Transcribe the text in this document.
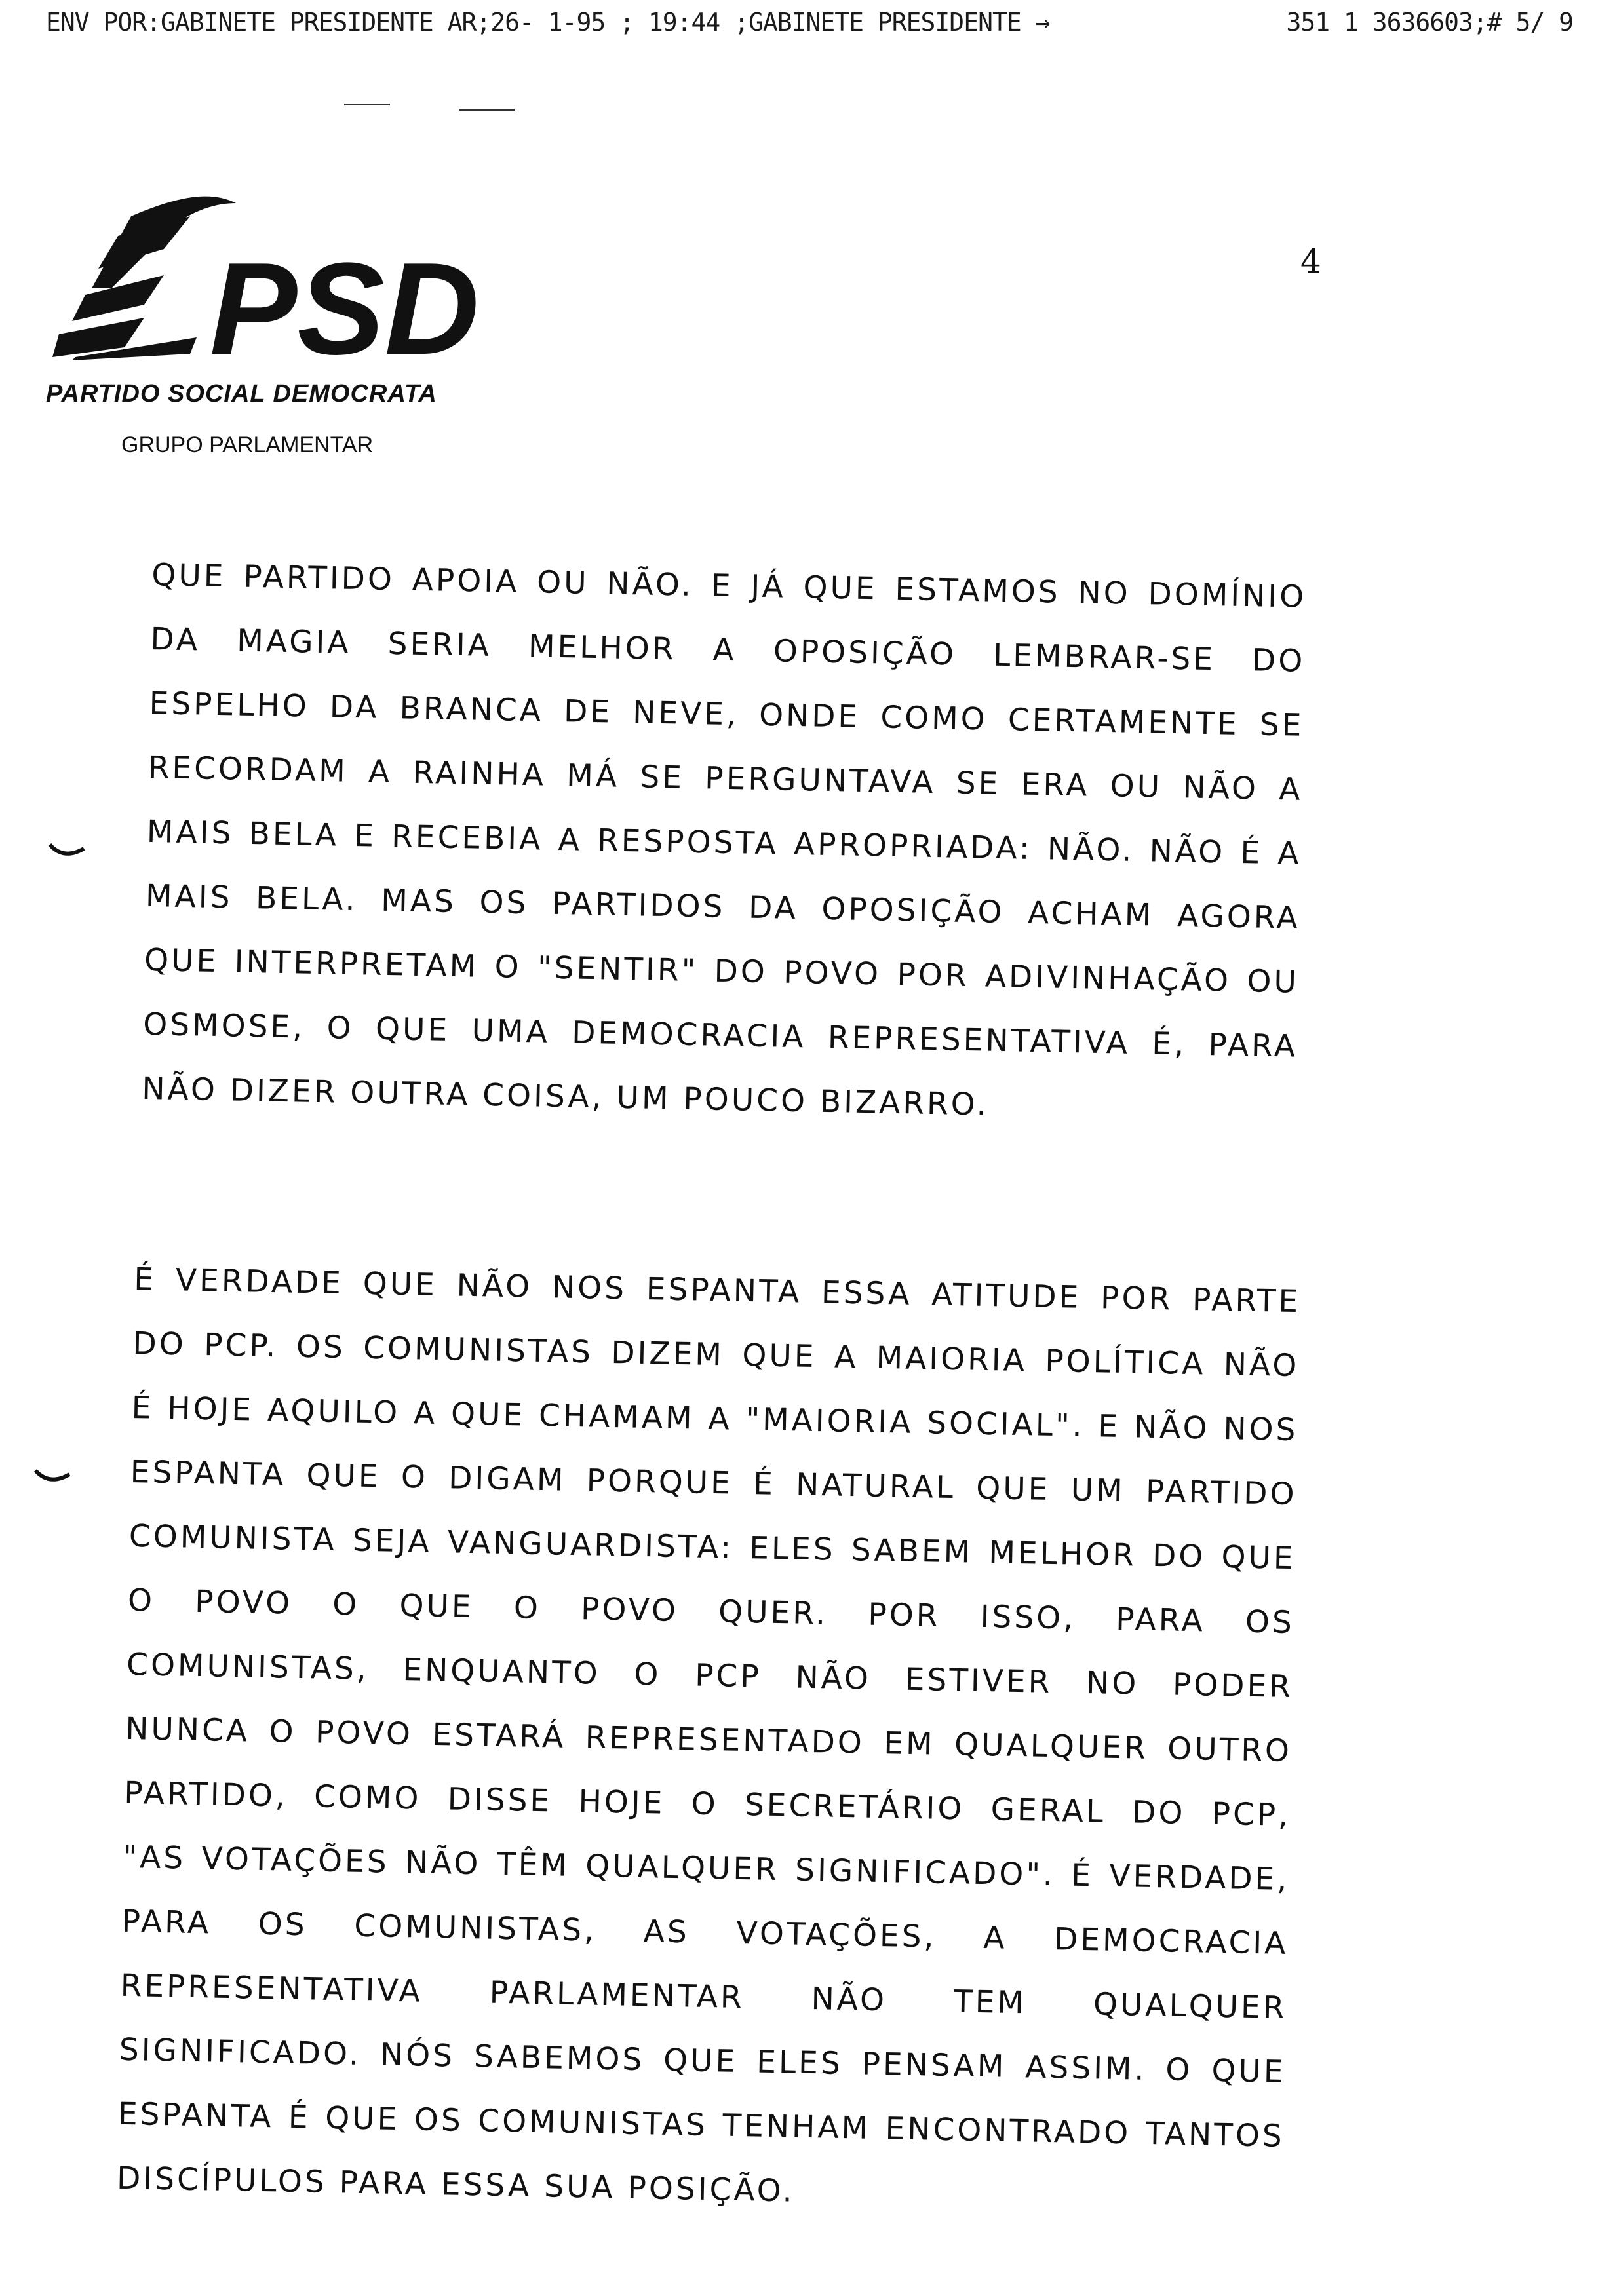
ENV POR:GABINETE PRESIDENTE AR;26- 1-95 ; 19:44 ;GABINETE PRESIDENTE →	351 1 3636603;# 5/ 9
PSD
PARTIDO SOCIAL DEMOCRATA
GRUPO PARLAMENTAR
4
QUE PARTIDO APOIA OU NÃO. E JÁ QUE ESTAMOS NO DOMÍNIO
DA MAGIA SERIA MELHOR A OPOSIÇÃO LEMBRAR-SE DO
ESPELHO DA BRANCA DE NEVE, ONDE COMO CERTAMENTE SE
RECORDAM A RAINHA MÁ SE PERGUNTAVA SE ERA OU NÃO A
MAIS BELA E RECEBIA A RESPOSTA APROPRIADA: NÃO. NÃO É A
MAIS BELA. MAS OS PARTIDOS DA OPOSIÇÃO ACHAM AGORA
QUE INTERPRETAM O "SENTIR" DO POVO POR ADIVINHAÇÃO OU
OSMOSE, O QUE UMA DEMOCRACIA REPRESENTATIVA É, PARA
NÃO DIZER OUTRA COISA, UM POUCO BIZARRO.
É VERDADE QUE NÃO NOS ESPANTA ESSA ATITUDE POR PARTE
DO PCP. OS COMUNISTAS DIZEM QUE A MAIORIA POLÍTICA NÃO
É HOJE AQUILO A QUE CHAMAM A "MAIORIA SOCIAL". E NÃO NOS
ESPANTA QUE O DIGAM PORQUE É NATURAL QUE UM PARTIDO
COMUNISTA SEJA VANGUARDISTA: ELES SABEM MELHOR DO QUE
O POVO O QUE O POVO QUER. POR ISSO, PARA OS
COMUNISTAS, ENQUANTO O PCP NÃO ESTIVER NO PODER
NUNCA O POVO ESTARÁ REPRESENTADO EM QUALQUER OUTRO
PARTIDO, COMO DISSE HOJE O SECRETÁRIO GERAL DO PCP,
"AS VOTAÇÕES NÃO TÊM QUALQUER SIGNIFICADO". É VERDADE,
PARA OS COMUNISTAS, AS VOTAÇÕES, A DEMOCRACIA
REPRESENTATIVA PARLAMENTAR NÃO TEM QUALQUER
SIGNIFICADO. NÓS SABEMOS QUE ELES PENSAM ASSIM. O QUE
ESPANTA É QUE OS COMUNISTAS TENHAM ENCONTRADO TANTOS
DISCÍPULOS PARA ESSA SUA POSIÇÃO.
